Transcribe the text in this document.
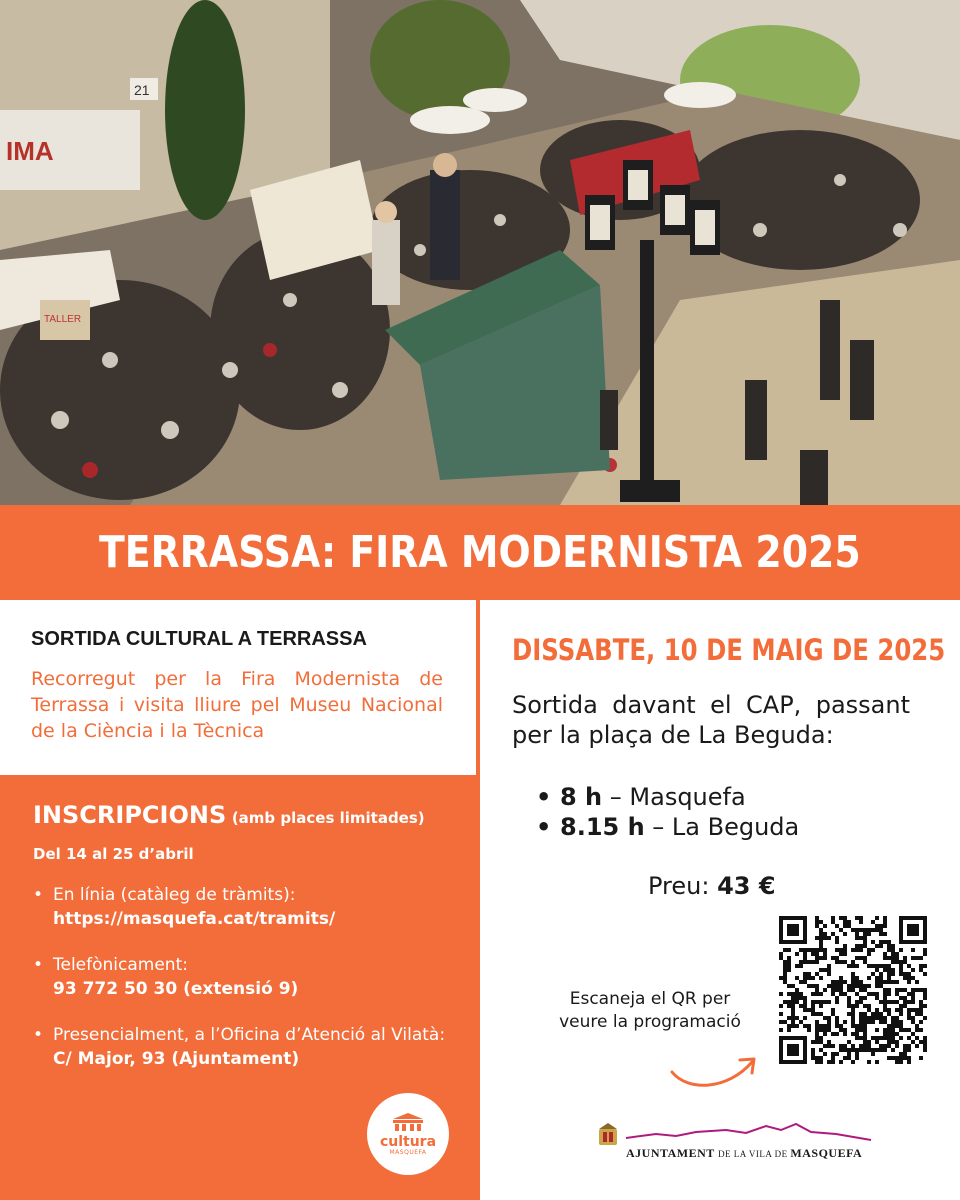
IMA
21
TALLER
TERRASSA: FIRA MODERNISTA 2025

SORTIDA CULTURAL A TERRASSA

Recorregut per la Fira Modernista de Terrassa i visita lliure pel Museu Nacional de la Ciència i la Tècnica

INSCRIPCIONS (amb places limitades)
Del 14 al 25 d’abril
• En línia (catàleg de tràmits):
https://masquefa.cat/tramits/
• Telefònicament:
93 772 50 30 (extensió 9)
• Presencialment, a l’Oficina d’Atenció al Vilatà:
C/ Major, 93 (Ajuntament)
cultura
MASQUEFA

DISSABTE, 10 DE MAIG DE 2025

Sortida davant el CAP, passant per la plaça de La Beguda:

• 8 h – Masquefa
• 8.15 h – La Beguda
Preu: 43 €
Escaneja el QR per veure la programació
AJUNTAMENT DE LA VILA DE MASQUEFA
